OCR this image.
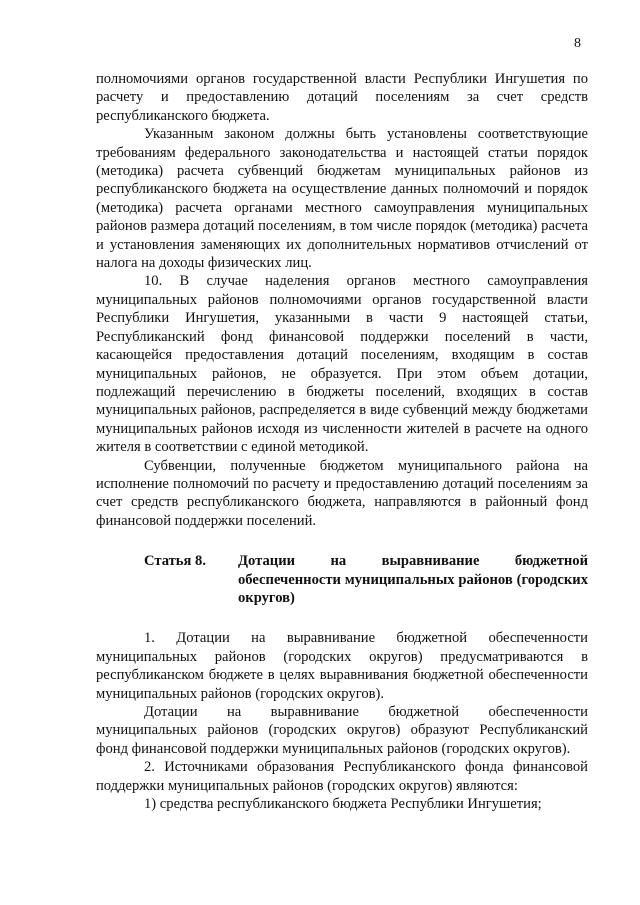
8

полномочиями органов государственной власти Республики Ингушетия по расчету и предоставлению дотаций поселениям за счет средств республиканского бюджета.

Указанным законом должны быть установлены соответствующие требованиям федерального законодательства и настоящей статьи порядок (методика) расчета субвенций бюджетам муниципальных районов из республиканского бюджета на осуществление данных полномочий и порядок (методика) расчета органами местного самоуправления муниципальных районов размера дотаций поселениям, в том числе порядок (методика) расчета и установления заменяющих их дополнительных нормативов отчислений от налога на доходы физических лиц.

10. В случае наделения органов местного самоуправления муниципальных районов полномочиями органов государственной власти Республики Ингушетия, указанными в части 9 настоящей статьи, Республиканский фонд финансовой поддержки поселений в части, касающейся предоставления дотаций поселениям, входящим в состав муниципальных районов, не образуется. При этом объем дотации, подлежащий перечислению в бюджеты поселений, входящих в состав муниципальных районов, распределяется в виде субвенций между бюджетами муниципальных районов исходя из численности жителей в расчете на одного жителя в соответствии с единой методикой.

Субвенции, полученные бюджетом муниципального района на исполнение полномочий по расчету и предоставлению дотаций поселениям за счет средств республиканского бюджета, направляются в районный фонд финансовой поддержки поселений.

Статья 8.	Дотации на выравнивание бюджетной обеспеченности муниципальных районов (городских округов)

1. Дотации на выравнивание бюджетной обеспеченности муниципальных районов (городских округов) предусматриваются в республиканском бюджете в целях выравнивания бюджетной обеспеченности муниципальных районов (городских округов).

Дотации на выравнивание бюджетной обеспеченности муниципальных районов (городских округов) образуют Республиканский фонд финансовой поддержки муниципальных районов (городских округов).

2. Источниками образования Республиканского фонда финансовой поддержки муниципальных районов (городских округов) являются:

1) средства республиканского бюджета Республики Ингушетия;
